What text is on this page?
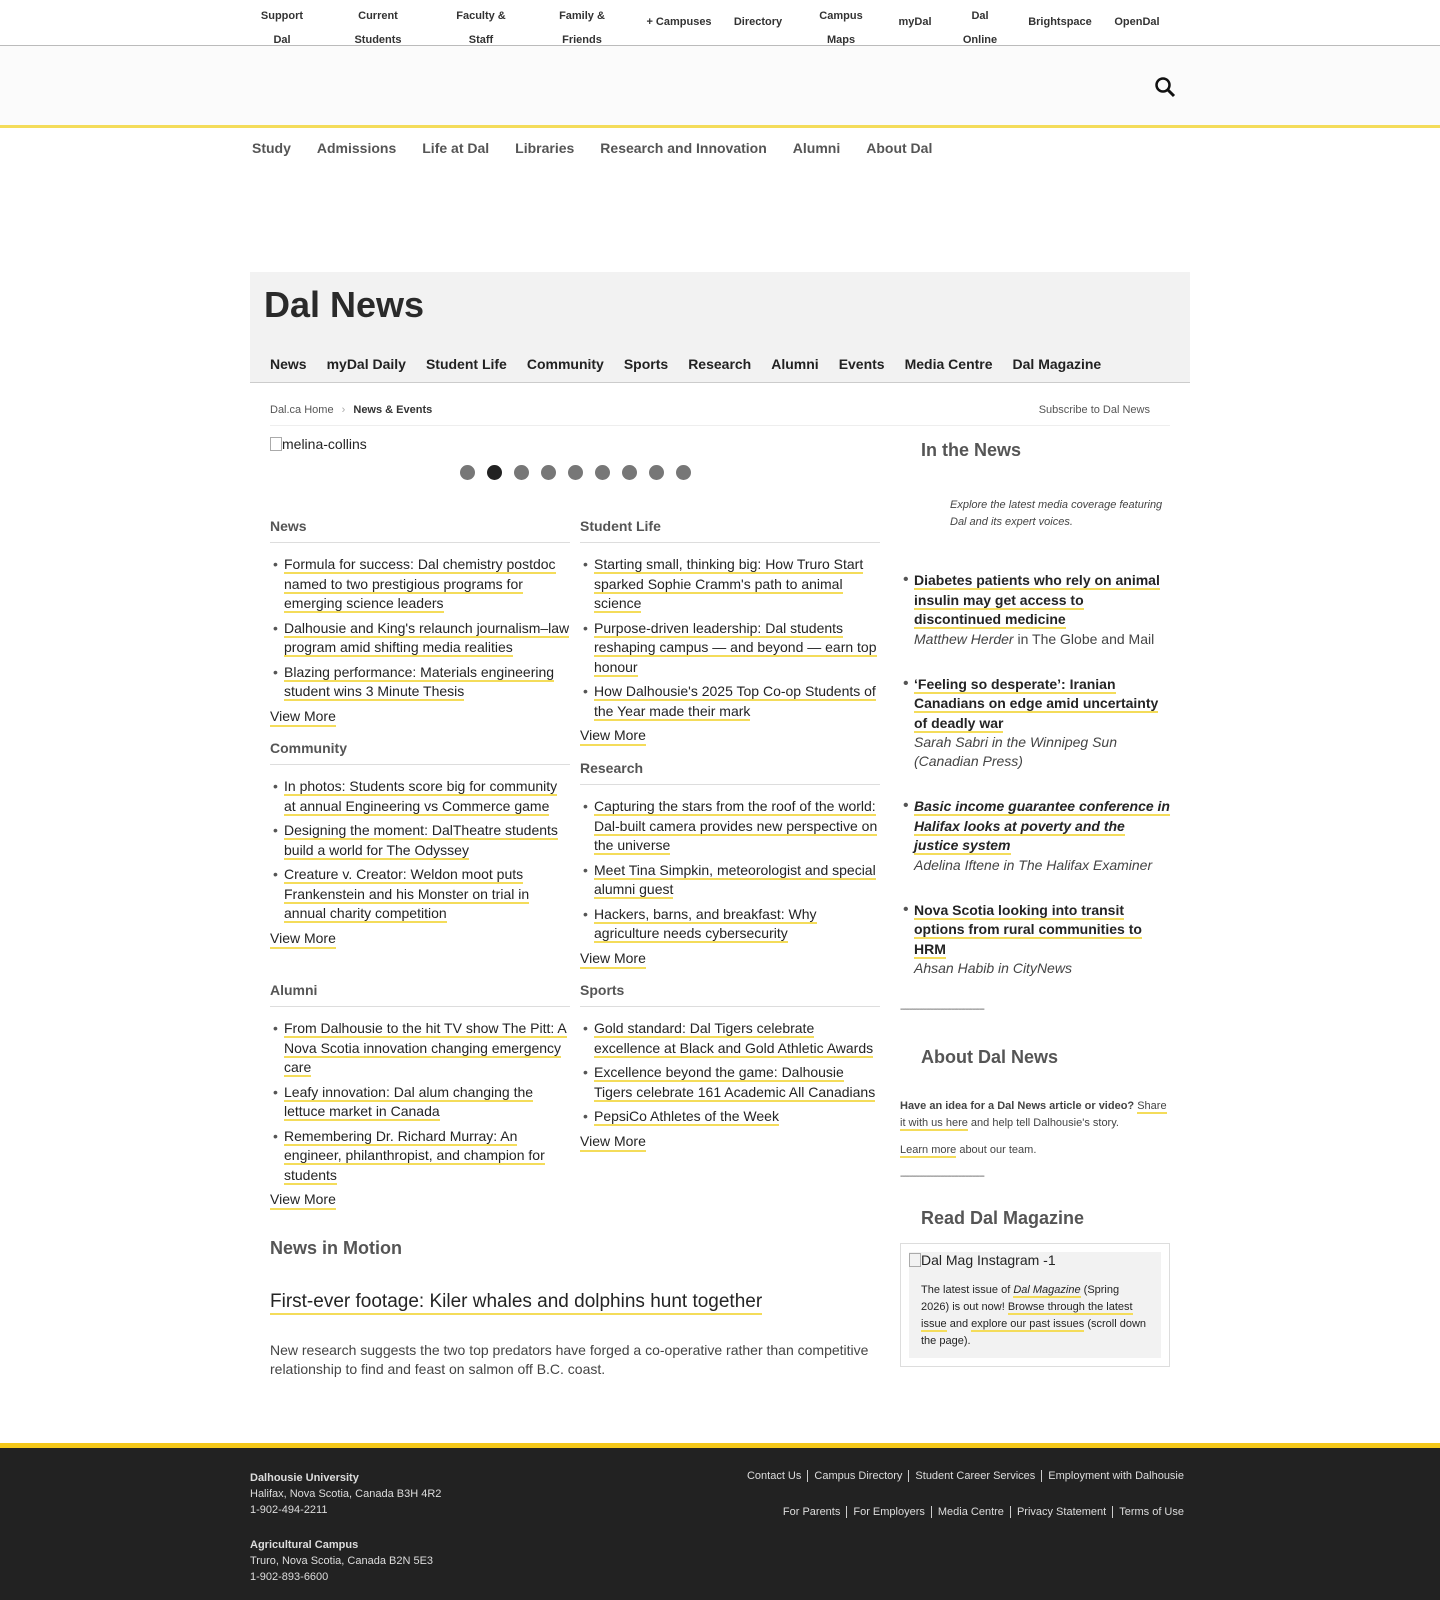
Support
Dal
Current
Students
Faculty &
Staff
Family &
Friends
+ Campuses	Directory	Campus
Maps
myDal	Dal
Online
Brightspace	OpenDal
Study Admissions Life at Dal Libraries Research and Innovation Alumni About Dal
Dal News
News myDal Daily Student Life Community Sports Research Alumni Events Media Centre Dal Magazine
Dal.ca Home › News & Events	Subscribe to Dal News
melina-collins
News
• Formula for success: Dal chemistry postdoc named to two prestigious programs for emerging science leaders
• Dalhousie and King's relaunch journalism–law program amid shifting media realities
• Blazing performance: Materials engineering student wins 3 Minute Thesis
View More
Student Life
• Starting small, thinking big: How Truro Start sparked Sophie Cramm's path to animal science
• Purpose-driven leadership: Dal students reshaping campus — and beyond — earn top honour
• How Dalhousie's 2025 Top Co-op Students of the Year made their mark
View More
Community
• In photos: Students score big for community at annual Engineering vs Commerce game
• Designing the moment: DalTheatre students build a world for The Odyssey
• Creature v. Creator: Weldon moot puts Frankenstein and his Monster on trial in annual charity competition
View More
Research
• Capturing the stars from the roof of the world: Dal-built camera provides new perspective on the universe
• Meet Tina Simpkin, meteorologist and special alumni guest
• Hackers, barns, and breakfast: Why agriculture needs cybersecurity
View More
Alumni
• From Dalhousie to the hit TV show The Pitt: A Nova Scotia innovation changing emergency care
• Leafy innovation: Dal alum changing the lettuce market in Canada
• Remembering Dr. Richard Murray: An engineer, philanthropist, and champion for students
View More
Sports
• Gold standard: Dal Tigers celebrate excellence at Black and Gold Athletic Awards
• Excellence beyond the game: Dalhousie Tigers celebrate 161 Academic All Canadians
• PepsiCo Athletes of the Week
View More
News in Motion
First-ever footage: Kiler whales and dolphins hunt together

New research suggests the two top predators have forged a co-operative rather than competitive relationship to find and feast on salmon off B.C. coast.

In the News

Explore the latest media coverage featuring Dal and its expert voices.

• Diabetes patients who rely on animal insulin may get access to discontinued medicine
Matthew Herder in The Globe and Mail
• ‘Feeling so desperate’: Iranian Canadians on edge amid uncertainty of deadly war
Sarah Sabri in the Winnipeg Sun (Canadian Press)
• Basic income guarantee conference in Halifax looks at poverty and the justice system
Adelina Iftene in The Halifax Examiner
• Nova Scotia looking into transit options from rural communities to HRM
Ahsan Habib in CityNews
------------------------------------
About Dal News

Have an idea for a Dal News article or video? Share it with us here and help tell Dalhousie's story.

Learn more about our team.

------------------------------------
Read Dal Magazine
Dal Mag Instagram -1

The latest issue of Dal Magazine (Spring 2026) is out now! Browse through the latest issue and explore our past issues (scroll down the page).

Dalhousie University
Halifax, Nova Scotia, Canada B3H 4R2
1-902-494-2211
Agricultural Campus
Truro, Nova Scotia, Canada B2N 5E3
1-902-893-6600
Contact Us	Campus Directory	Student Career Services	Employment with Dalhousie
For Parents	For Employers	Media Centre	Privacy Statement	Terms of Use
